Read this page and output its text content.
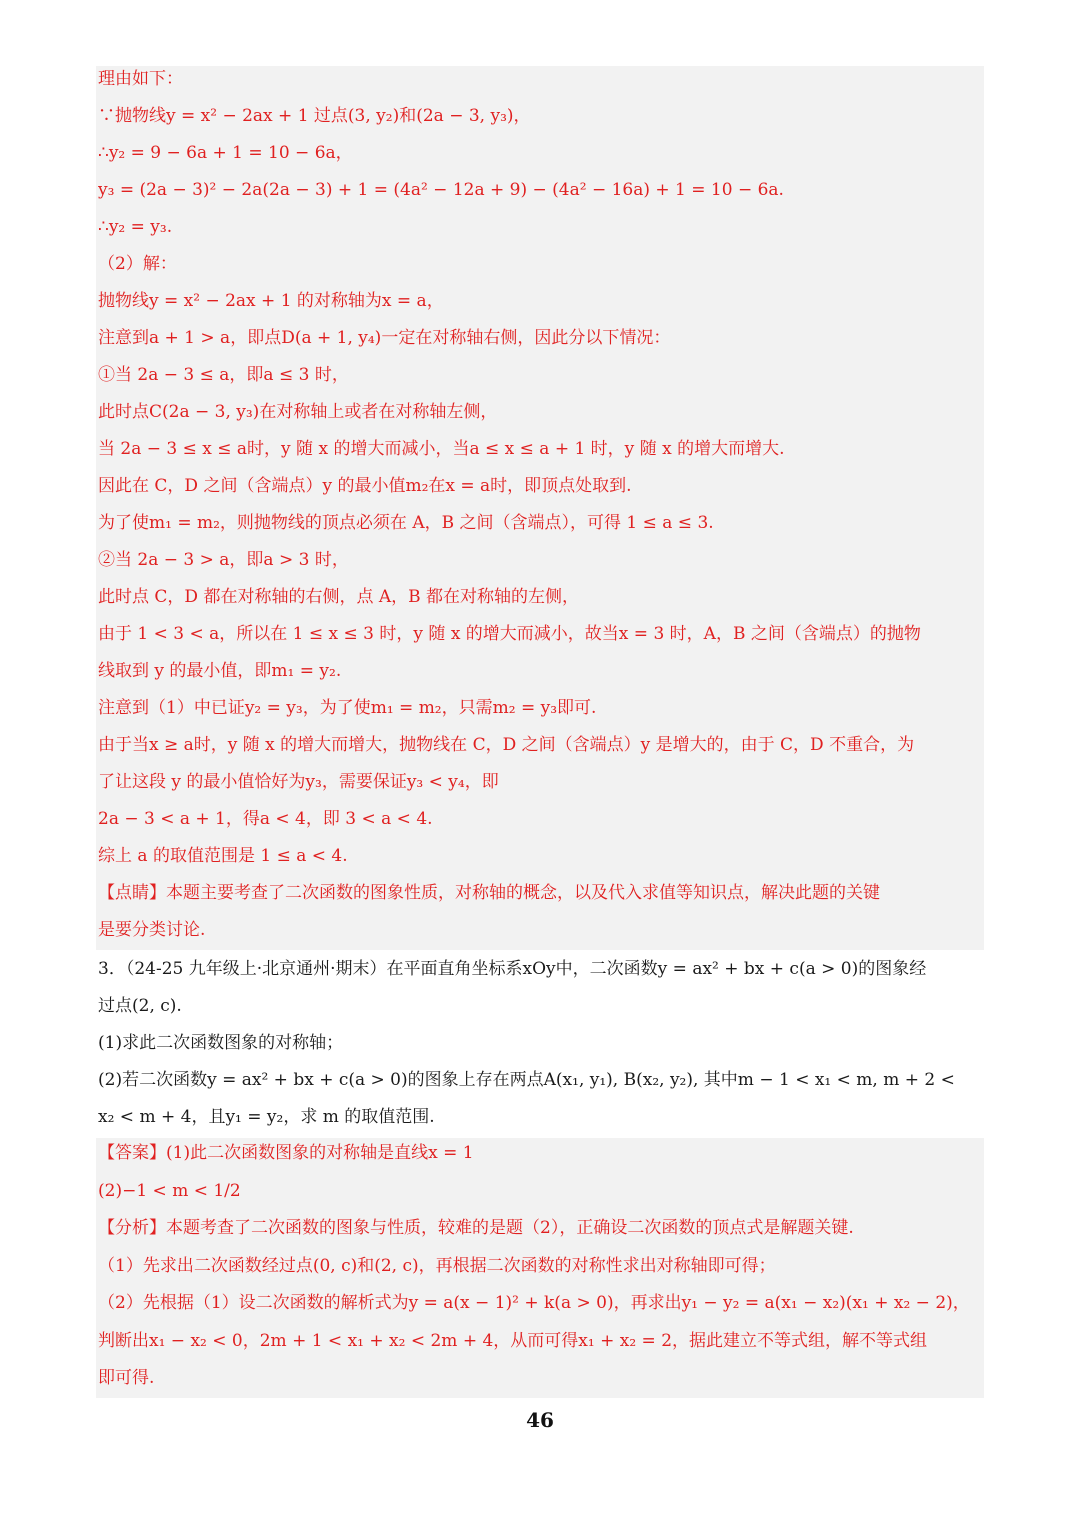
理由如下：
∵抛物线y = x² − 2ax + 1 过点(3, y₂)和(2a − 3, y₃)，
∴y₂ = 9 − 6a + 1 = 10 − 6a，
y₃ = (2a − 3)² − 2a(2a − 3) + 1 = (4a² − 12a + 9) − (4a² − 16a) + 1 = 10 − 6a.
∴y₂ = y₃.
（2）解：
抛物线y = x² − 2ax + 1 的对称轴为x = a，
注意到a + 1 > a，即点D(a + 1, y₄)一定在对称轴右侧，因此分以下情况：
①当 2a − 3 ≤ a，即a ≤ 3 时，
此时点C(2a − 3, y₃)在对称轴上或者在对称轴左侧，
当 2a − 3 ≤ x ≤ a时，y 随 x 的增大而减小，当a ≤ x ≤ a + 1 时，y 随 x 的增大而增大.
因此在 C，D 之间（含端点）y 的最小值m₂在x = a时，即顶点处取到.
为了使m₁ = m₂，则抛物线的顶点必须在 A，B 之间（含端点），可得 1 ≤ a ≤ 3.
②当 2a − 3 > a，即a > 3 时，
此时点 C，D 都在对称轴的右侧，点 A，B 都在对称轴的左侧，
由于 1 < 3 < a，所以在 1 ≤ x ≤ 3 时，y 随 x 的增大而减小，故当x = 3 时，A，B 之间（含端点）的抛物
线取到 y 的最小值，即m₁ = y₂.
注意到（1）中已证y₂ = y₃，为了使m₁ = m₂，只需m₂ = y₃即可.
由于当x ≥ a时，y 随 x 的增大而增大，抛物线在 C，D 之间（含端点）y 是增大的，由于 C，D 不重合，为
了让这段 y 的最小值恰好为y₃，需要保证y₃ < y₄，即
2a − 3 < a + 1，得a < 4，即 3 < a < 4.
综上 a 的取值范围是 1 ≤ a < 4.
【点睛】本题主要考查了二次函数的图象性质，对称轴的概念，以及代入求值等知识点，解决此题的关键
是要分类讨论.
3．（24-25 九年级上·北京通州·期末）在平面直角坐标系xOy中，二次函数y = ax² + bx + c(a > 0)的图象经
过点(2, c).
(1)求此二次函数图象的对称轴；
(2)若二次函数y = ax² + bx + c(a > 0)的图象上存在两点A(x₁, y₁), B(x₂, y₂), 其中m − 1 < x₁ < m, m + 2 <
x₂ < m + 4，且y₁ = y₂，求 m 的取值范围.
【答案】(1)此二次函数图象的对称轴是直线x = 1
(2)−1 < m < 1/2
【分析】本题考查了二次函数的图象与性质，较难的是题（2），正确设二次函数的顶点式是解题关键.
（1）先求出二次函数经过点(0, c)和(2, c)，再根据二次函数的对称性求出对称轴即可得；
（2）先根据（1）设二次函数的解析式为y = a(x − 1)² + k(a > 0)，再求出y₁ − y₂ = a(x₁ − x₂)(x₁ + x₂ − 2)，
判断出x₁ − x₂ < 0，2m + 1 < x₁ + x₂ < 2m + 4，从而可得x₁ + x₂ = 2，据此建立不等式组，解不等式组
即可得.
46
